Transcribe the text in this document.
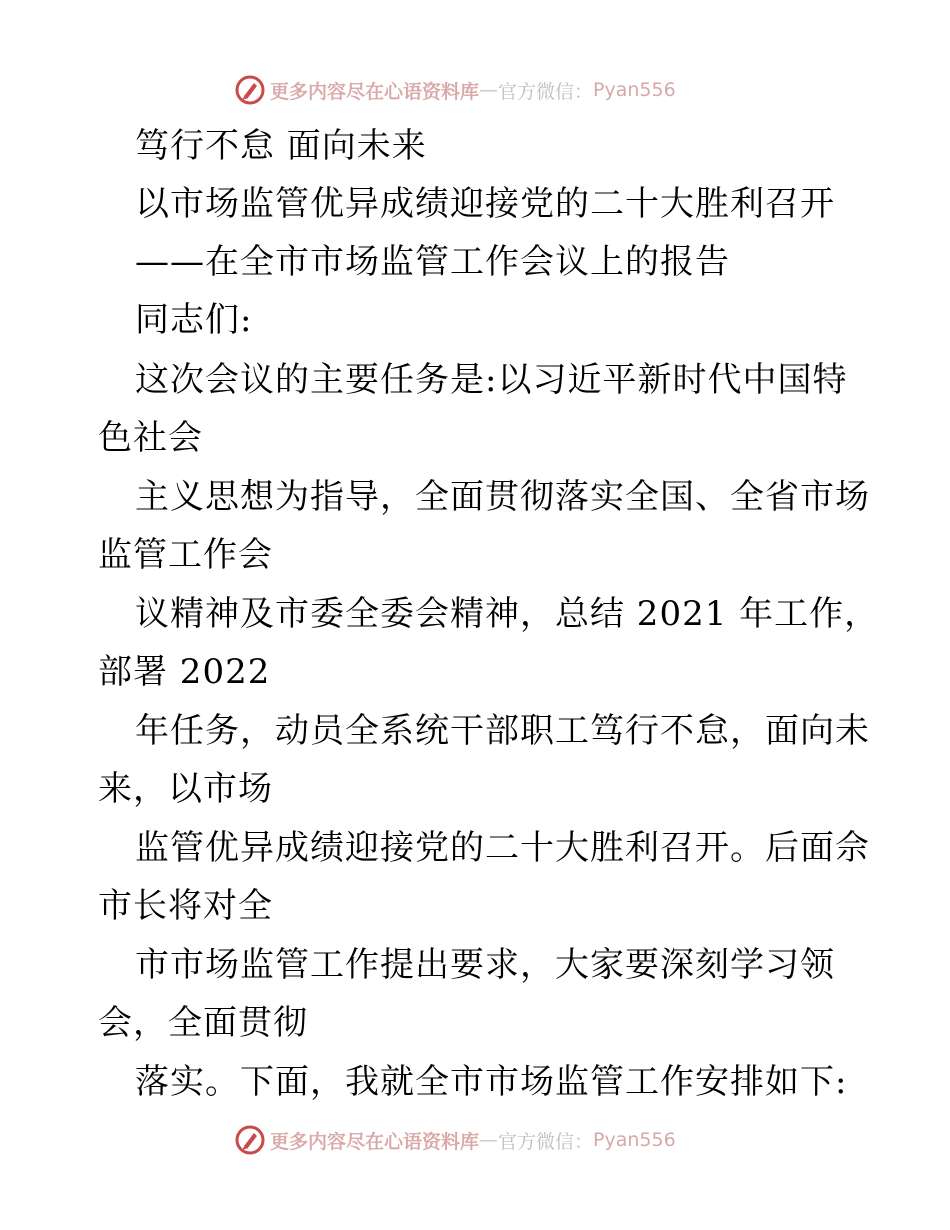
更多内容尽在心语资料库 — 官方微信： Pyan556
笃行不怠 面向未来
以市场监管优异成绩迎接党的二十大胜利召开
——在全市市场监管工作会议上的报告
同志们:
这次会议的主要任务是:以习近平新时代中国特
色社会
主义思想为指导，全面贯彻落实全国、全省市场
监管工作会
议精神及市委全委会精神，总结 2021 年工作，
部署 2022
年任务，动员全系统干部职工笃行不怠，面向未
来，以市场
监管优异成绩迎接党的二十大胜利召开。后面佘
市长将对全
市市场监管工作提出要求，大家要深刻学习领
会，全面贯彻
落实。下面，我就全市市场监管工作安排如下:
更多内容尽在心语资料库 — 官方微信： Pyan556
